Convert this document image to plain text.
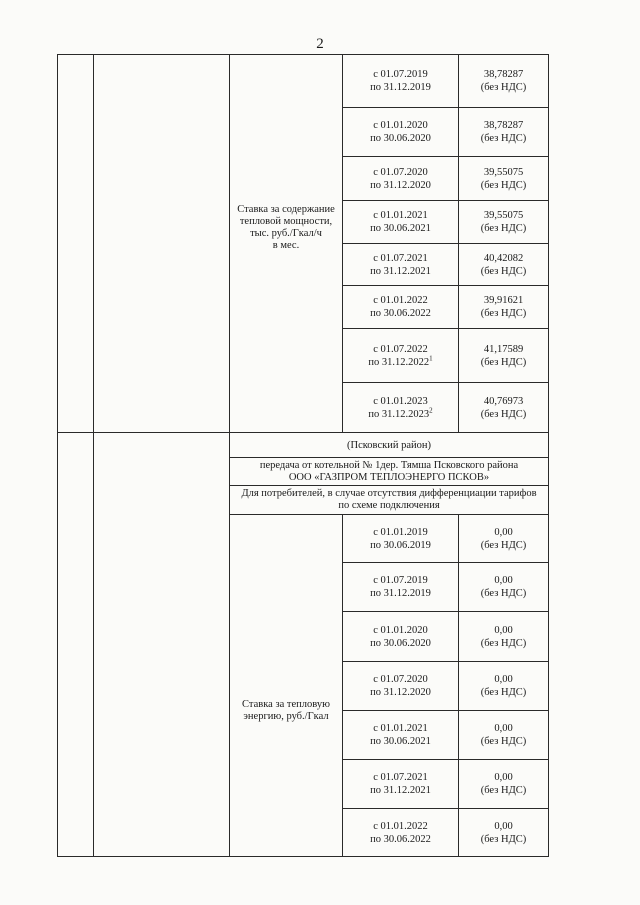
2
Ставка за содержание
тепловой мощности,
тыс. руб./Гкал/ч
в мес.
с 01.07.2019
по 31.12.2019
38,78287
(без НДС)
с 01.01.2020
по 30.06.2020
38,78287
(без НДС)
с 01.07.2020
по 31.12.2020
39,55075
(без НДС)
с 01.01.2021
по 30.06.2021
39,55075
(без НДС)
с 01.07.2021
по 31.12.2021
40,42082
(без НДС)
с 01.01.2022
по 30.06.2022
39,91621
(без НДС)
с 01.07.2022
по 31.12.2022$^1$
41,17589
(без НДС)
с 01.01.2023
по 31.12.2023$^2$
40,76973
(без НДС)
(Псковский район)
передача от котельной № 1дер. Тямша Псковского района
ООО «ГАЗПРОМ ТЕПЛОЭНЕРГО ПСКОВ»
Для потребителей, в случае отсутствия дифференциации тарифов
по схеме подключения
Ставка за тепловую
энергию, руб./Гкал
с 01.01.2019
по 30.06.2019
0,00
(без НДС)
с 01.07.2019
по 31.12.2019
0,00
(без НДС)
с 01.01.2020
по 30.06.2020
0,00
(без НДС)
с 01.07.2020
по 31.12.2020
0,00
(без НДС)
с 01.01.2021
по 30.06.2021
0,00
(без НДС)
с 01.07.2021
по 31.12.2021
0,00
(без НДС)
с 01.01.2022
по 30.06.2022
0,00
(без НДС)
